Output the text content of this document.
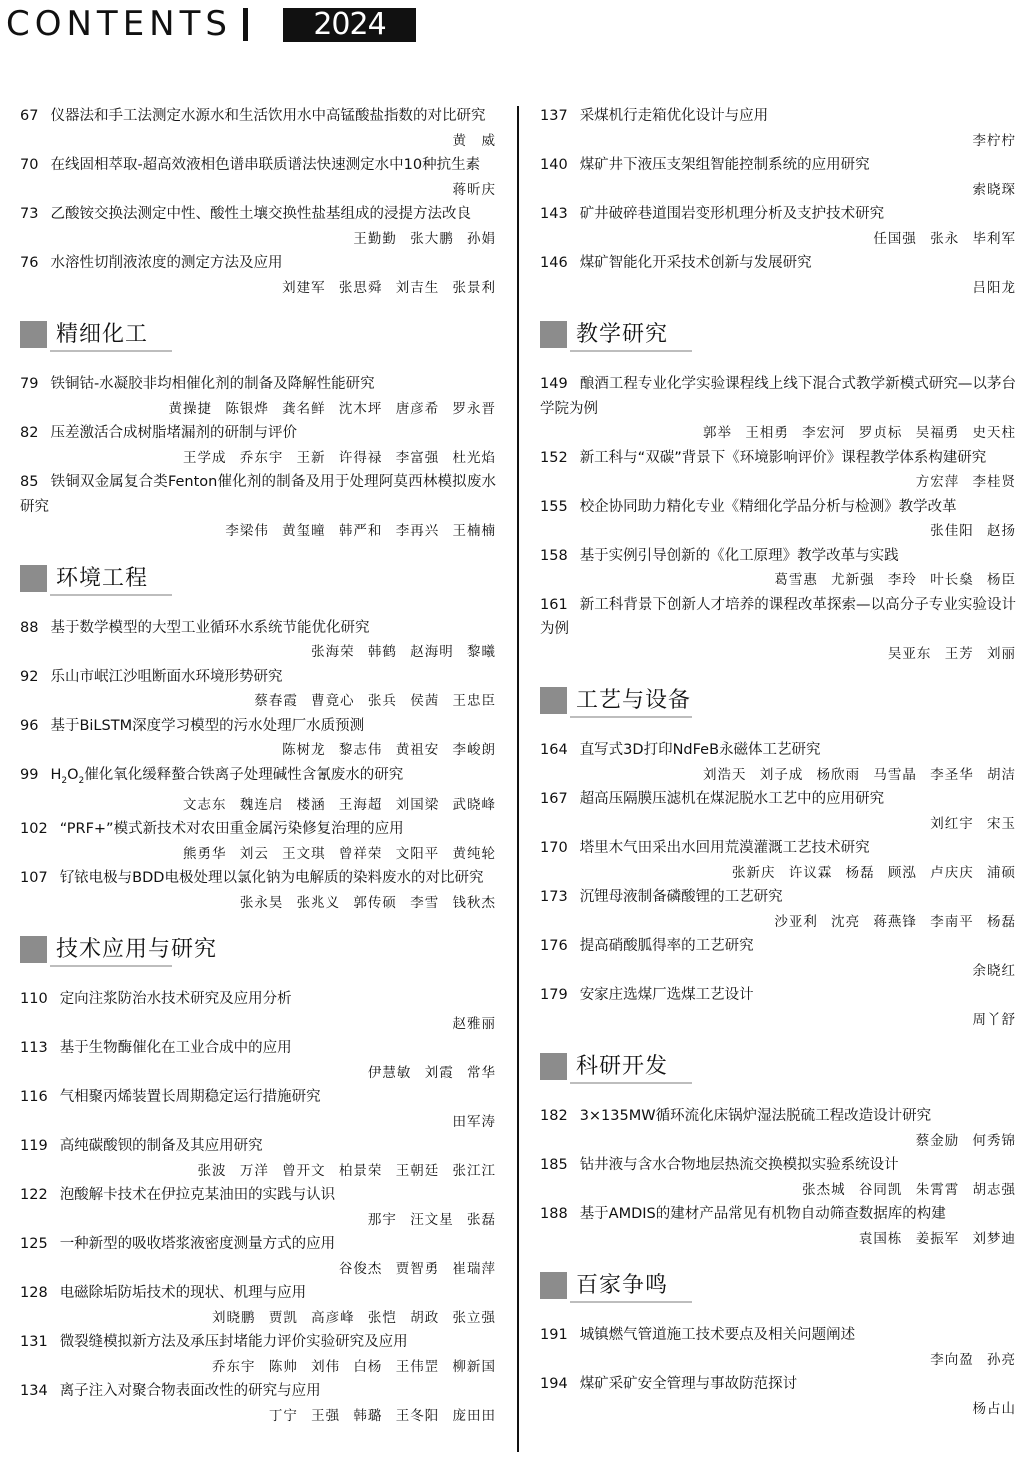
CONTENTS	2024 •05
67 仪器法和手工法测定水源水和生活饮用水中高锰酸盐指数的对比研究
黄　威
70 在线固相萃取-超高效液相色谱串联质谱法快速测定水中10种抗生素
蒋昕庆
73 乙酸铵交换法测定中性、酸性土壤交换性盐基组成的浸提方法改良
王勤勤 张大鹏 孙娟
76 水溶性切削液浓度的测定方法及应用
刘建军 张思舜 刘吉生 张景利
精细化工
79 铁铜钴-水凝胶非均相催化剂的制备及降解性能研究
黄操捷 陈银烨 龚名鲜 沈木坪 唐彦希 罗永晋
82 压差激活合成树脂堵漏剂的研制与评价
王学成 乔东宇 王新 许得禄 李富强 杜光焰
85 铁铜双金属复合类Fenton催化剂的制备及用于处理阿莫西林模拟废水研究
李梁伟 黄玺曈 韩严和 李再兴 王楠楠
环境工程
88 基于数学模型的大型工业循环水系统节能优化研究
张海荣 韩鹤 赵海明 黎曦
92 乐山市岷江沙咀断面水环境形势研究
蔡春霞 曹竟心 张兵 侯茜 王忠臣
96 基于BiLSTM深度学习模型的污水处理厂水质预测
陈树龙 黎志伟 黄祖安 李峻朗
99 $H_2O_2$催化氧化缓释螯合铁离子处理碱性含氰废水的研究
文志东 魏连启 楼涵 王海超 刘国梁 武晓峰
102 “PRF+”模式新技术对农田重金属污染修复治理的应用
熊勇华 刘云 王文琪 曾祥荣 文阳平 黄纯轮
107 钌铱电极与BDD电极处理以氯化钠为电解质的染料废水的对比研究
张永昊 张兆义 郭传硕 李雪 钱秋杰
技术应用与研究
110 定向注浆防治水技术研究及应用分析
赵雅丽
113 基于生物酶催化在工业合成中的应用
伊慧敏 刘霞 常华
116 气相聚丙烯装置长周期稳定运行措施研究
田军涛
119 高纯碳酸钡的制备及其应用研究
张波 万洋 曾开文 柏景荣 王朝廷 张江江
122 泡酸解卡技术在伊拉克某油田的实践与认识
那宇 汪文星 张磊
125 一种新型的吸收塔浆液密度测量方式的应用
谷俊杰 贾智勇 崔瑞萍
128 电磁除垢防垢技术的现状、机理与应用
刘晓鹏 贾凯 高彦峰 张恺 胡政 张立强
131 微裂缝模拟新方法及承压封堵能力评价实验研究及应用
乔东宇 陈帅 刘伟 白杨 王伟罡 柳新国
134 离子注入对聚合物表面改性的研究与应用
丁宁 王强 韩璐 王冬阳 庞田田
137 采煤机行走箱优化设计与应用
李柠柠
140 煤矿井下液压支架组智能控制系统的应用研究
索晓琛
143 矿井破碎巷道围岩变形机理分析及支护技术研究
任国强 张永 毕利军
146 煤矿智能化开采技术创新与发展研究
吕阳龙
教学研究
149 酿酒工程专业化学实验课程线上线下混合式教学新模式研究—以茅台学院为例
郭举 王相勇 李宏河 罗贞标 吴福勇 史天柱
152 新工科与“双碳”背景下《环境影响评价》课程教学体系构建研究
方宏萍 李桂贤
155 校企协同助力精化专业《精细化学品分析与检测》教学改革
张佳阳 赵扬
158 基于实例引导创新的《化工原理》教学改革与实践
葛雪惠 尤新强 李玲 叶长燊 杨臣
161 新工科背景下创新人才培养的课程改革探索—以高分子专业实验设计为例
吴亚东 王芳 刘丽
工艺与设备
164 直写式3D打印NdFeB永磁体工艺研究
刘浩天 刘子成 杨欣雨 马雪晶 李圣华 胡洁
167 超高压隔膜压滤机在煤泥脱水工艺中的应用研究
刘红宇 宋玉
170 塔里木气田采出水回用荒漠灌溉工艺技术研究
张新庆 许议霖 杨磊 顾泓 卢庆庆 浦硕
173 沉锂母液制备磷酸锂的工艺研究
沙亚利 沈亮 蒋燕锋 李南平 杨磊
176 提高硝酸胍得率的工艺研究
余晓红
179 安家庄选煤厂选煤工艺设计
周丫舒
科研开发
182 3×135MW循环流化床锅炉湿法脱硫工程改造设计研究
蔡金励 何秀锦
185 钻井液与含水合物地层热流交换模拟实验系统设计
张杰城 谷同凯 朱霄霄 胡志强
188 基于AMDIS的建材产品常见有机物自动筛查数据库的构建
袁国栋 姜振军 刘梦迪
百家争鸣
191 城镇燃气管道施工技术要点及相关问题阐述
李向盈 孙亮
194 煤矿采矿安全管理与事故防范探讨
杨占山
